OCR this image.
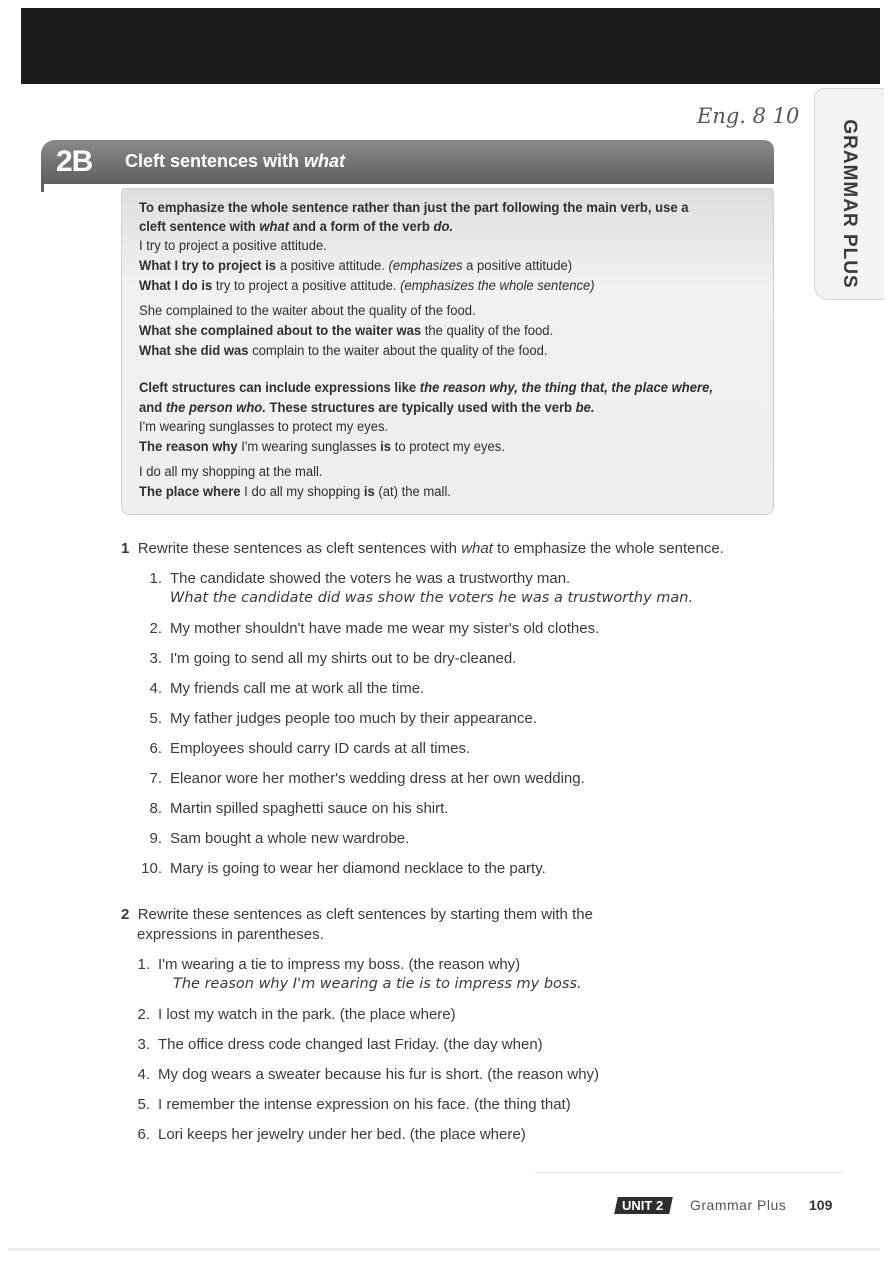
Eng. 8 10
GRAMMAR PLUS
2B Cleft sentences with what
To emphasize the whole sentence rather than just the part following the main verb, use a
cleft sentence with what and a form of the verb do.
I try to project a positive attitude.
What I try to project is a positive attitude. (emphasizes a positive attitude)
What I do is try to project a positive attitude. (emphasizes the whole sentence)
She complained to the waiter about the quality of the food.
What she complained about to the waiter was the quality of the food.
What she did was complain to the waiter about the quality of the food.
Cleft structures can include expressions like the reason why, the thing that, the place where,
and the person who. These structures are typically used with the verb be.
I'm wearing sunglasses to protect my eyes.
The reason why I'm wearing sunglasses is to protect my eyes.
I do all my shopping at the mall.
The place where I do all my shopping is (at) the mall.
1 Rewrite these sentences as cleft sentences with what to emphasize the whole sentence.
1. The candidate showed the voters he was a trustworthy man.
What the candidate did was show the voters he was a trustworthy man.
2. My mother shouldn't have made me wear my sister's old clothes.
3. I'm going to send all my shirts out to be dry-cleaned.
4. My friends call me at work all the time.
5. My father judges people too much by their appearance.
6. Employees should carry ID cards at all times.
7. Eleanor wore her mother's wedding dress at her own wedding.
8. Martin spilled spaghetti sauce on his shirt.
9. Sam bought a whole new wardrobe.
10. Mary is going to wear her diamond necklace to the party.
2 Rewrite these sentences as cleft sentences by starting them with the
expressions in parentheses.
1. I'm wearing a tie to impress my boss. (the reason why)
The reason why I'm wearing a tie is to impress my boss.
2. I lost my watch in the park. (the place where)
3. The office dress code changed last Friday. (the day when)
4. My dog wears a sweater because his fur is short. (the reason why)
5. I remember the intense expression on his face. (the thing that)
6. Lori keeps her jewelry under her bed. (the place where)
UNIT 2	Grammar Plus 109
